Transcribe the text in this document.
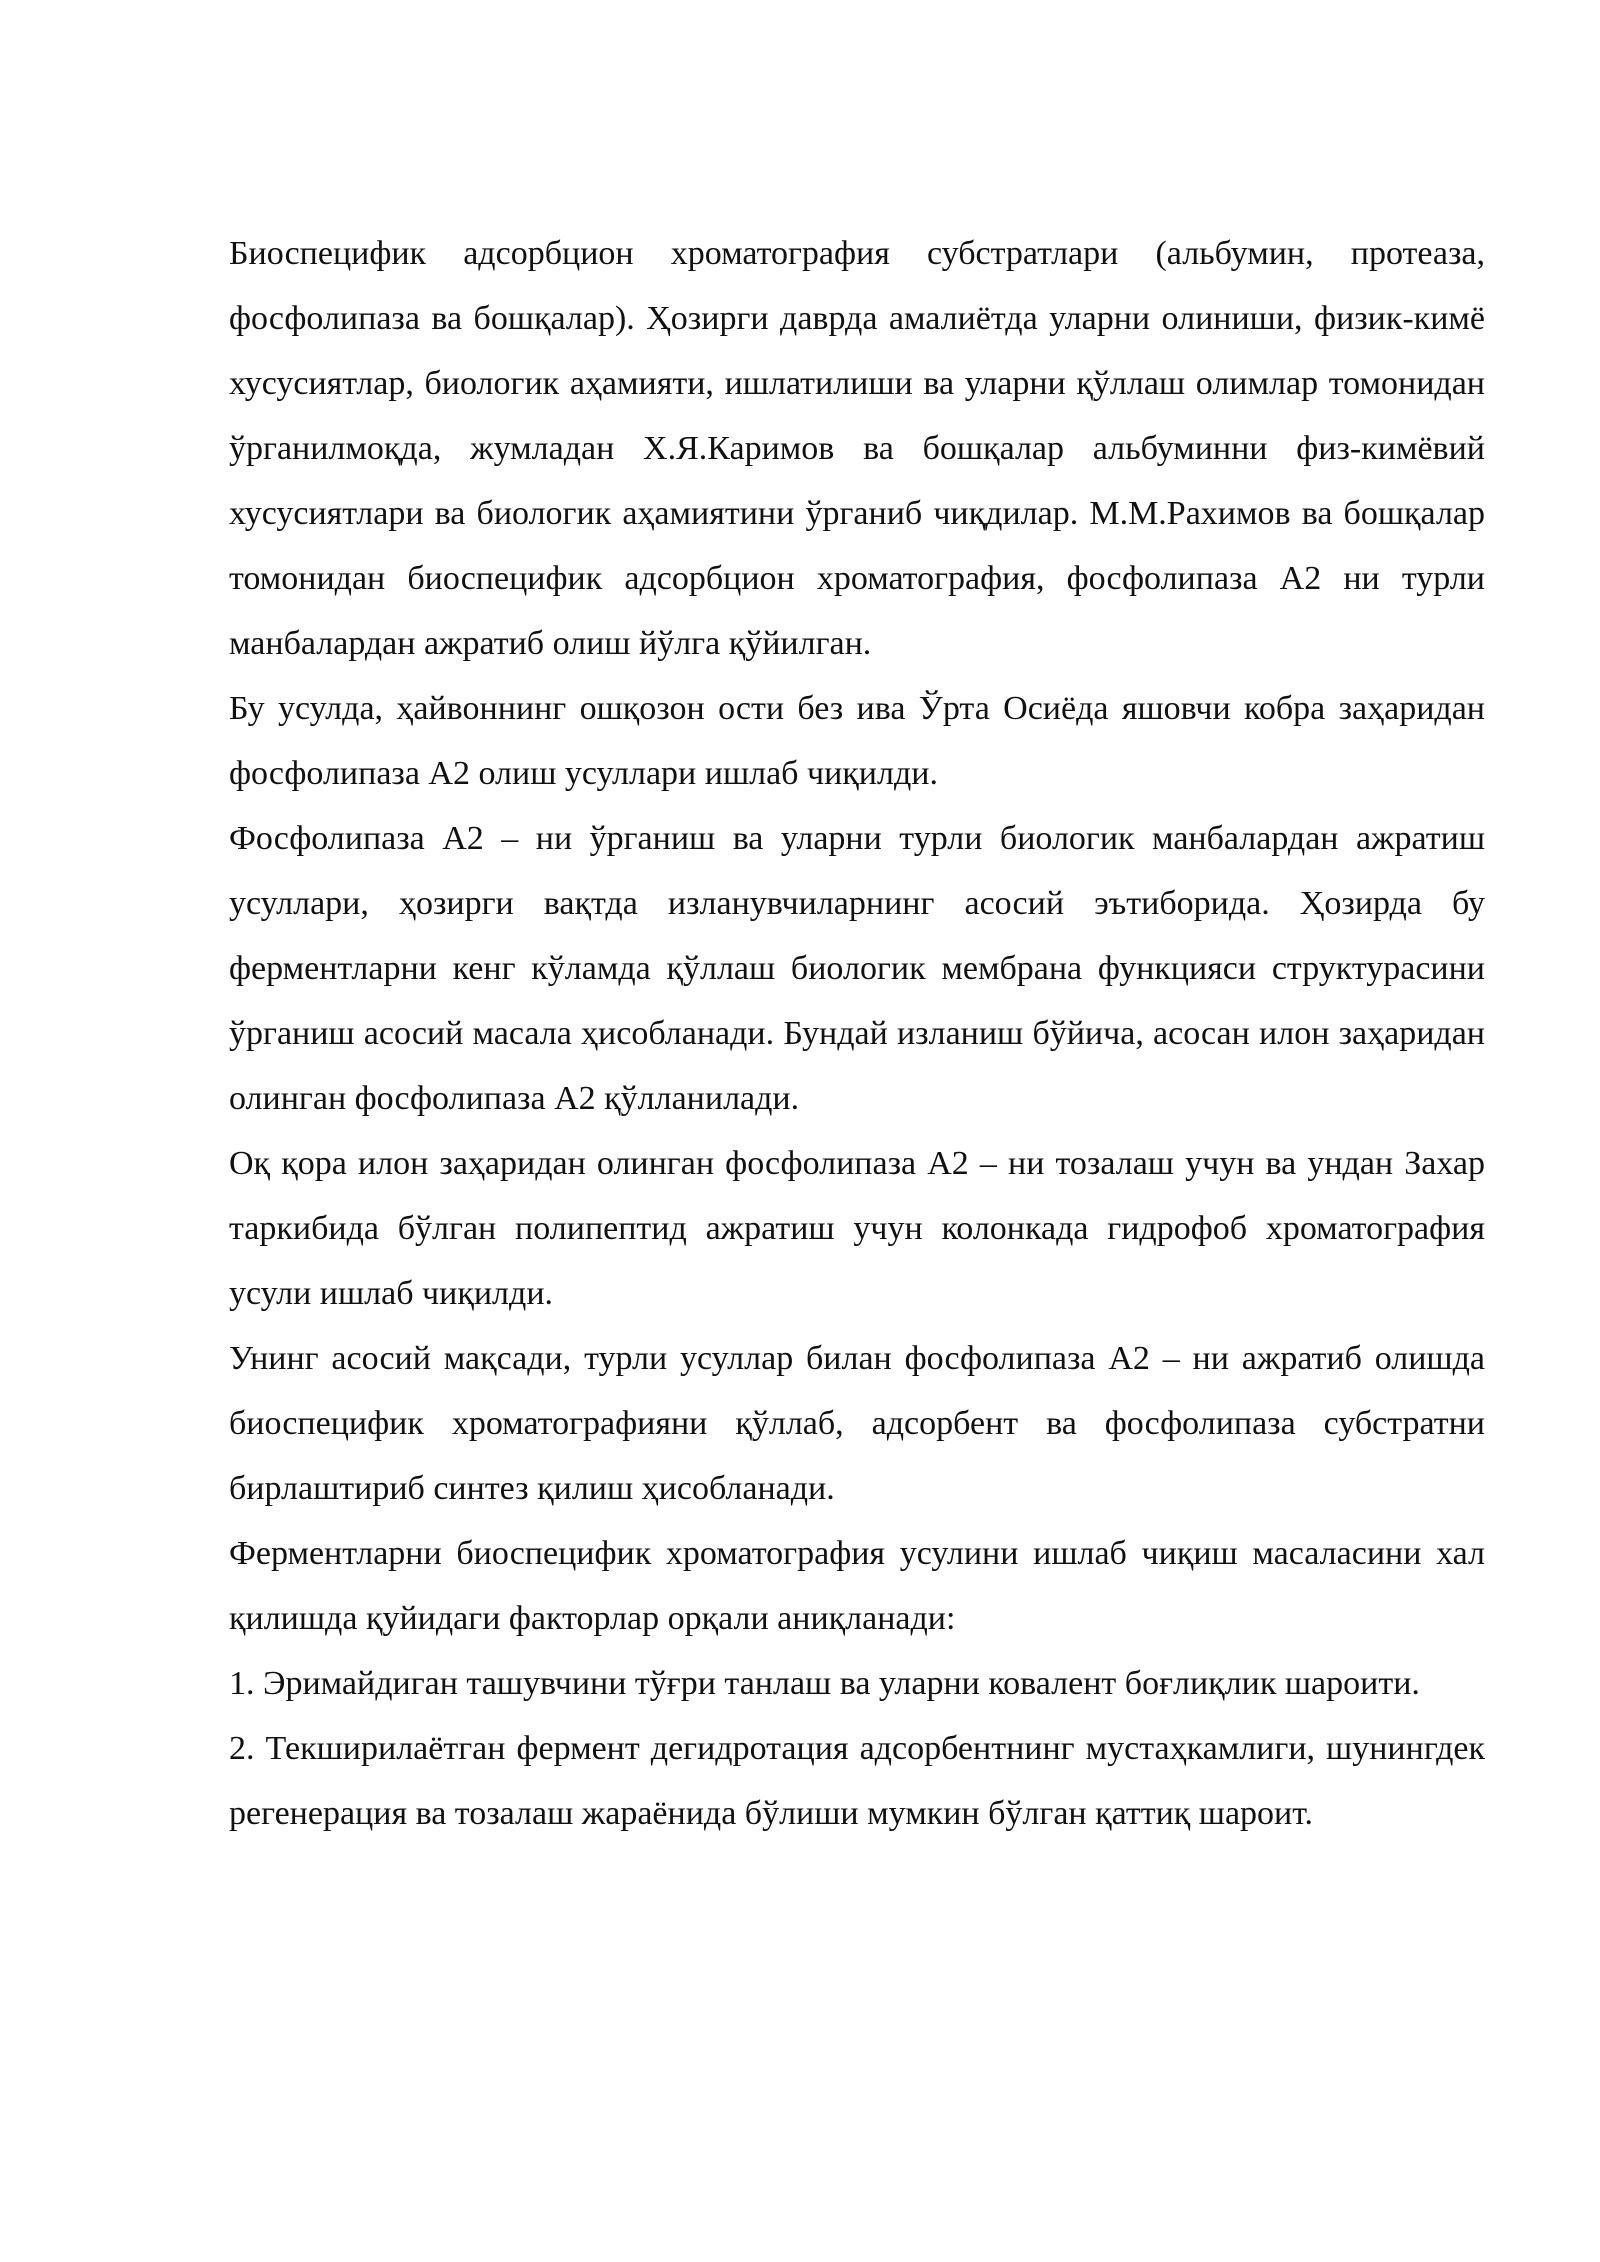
Биоспецифик адсорбцион хроматография субстратлари (альбумин, протеаза, фосфолипаза ва бошқалар). Ҳозирги даврда амалиётда уларни олиниши, физик-кимё хусусиятлар, биологик аҳамияти, ишлатилиши ва уларни қўллаш олимлар томонидан ўрганилмоқда, жумладан Х.Я.Каримов ва бошқалар альбуминни физ-кимёвий хусусиятлари ва биологик аҳамиятини ўрганиб чиқдилар. М.М.Рахимов ва бошқалар томонидан биоспецифик адсорбцион хроматография, фосфолипаза А2 ни турли манбалардан ажратиб олиш йўлга қўйилган.

Бу усулда, ҳайвоннинг ошқозон ости без ива Ўрта Осиёда яшовчи кобра заҳаридан фосфолипаза А2 олиш усуллари ишлаб чиқилди.

Фосфолипаза А2 – ни ўрганиш ва уларни турли биологик манбалардан ажратиш усуллари, ҳозирги вақтда изланувчиларнинг асосий эътиборида. Ҳозирда бу ферментларни кенг кўламда қўллаш биологик мембрана функцияси структурасини ўрганиш асосий масала ҳисобланади. Бундай изланиш бўйича, асосан илон заҳаридан олинган фосфолипаза А2 қўлланилади.

Оқ қора илон заҳаридан олинган фосфолипаза А2 – ни тозалаш учун ва ундан Захар таркибида бўлган полипептид ажратиш учун колонкада гидрофоб хроматография усули ишлаб чиқилди.

Унинг асосий мақсади, турли усуллар билан фосфолипаза А2 – ни ажратиб олишда биоспецифик хроматографияни қўллаб, адсорбент ва фосфолипаза субстратни бирлаштириб синтез қилиш ҳисобланади.

Ферментларни биоспецифик хроматография усулини ишлаб чиқиш масаласини хал қилишда қуйидаги факторлар орқали аниқланади:

1. Эримайдиган ташувчини тўғри танлаш ва уларни ковалент боғлиқлик шароити.

2. Текширилаётган фермент дегидротация адсорбентнинг мустаҳкамлиги, шунингдек регенерация ва тозалаш жараёнида бўлиши мумкин бўлган қаттиқ шароит.
